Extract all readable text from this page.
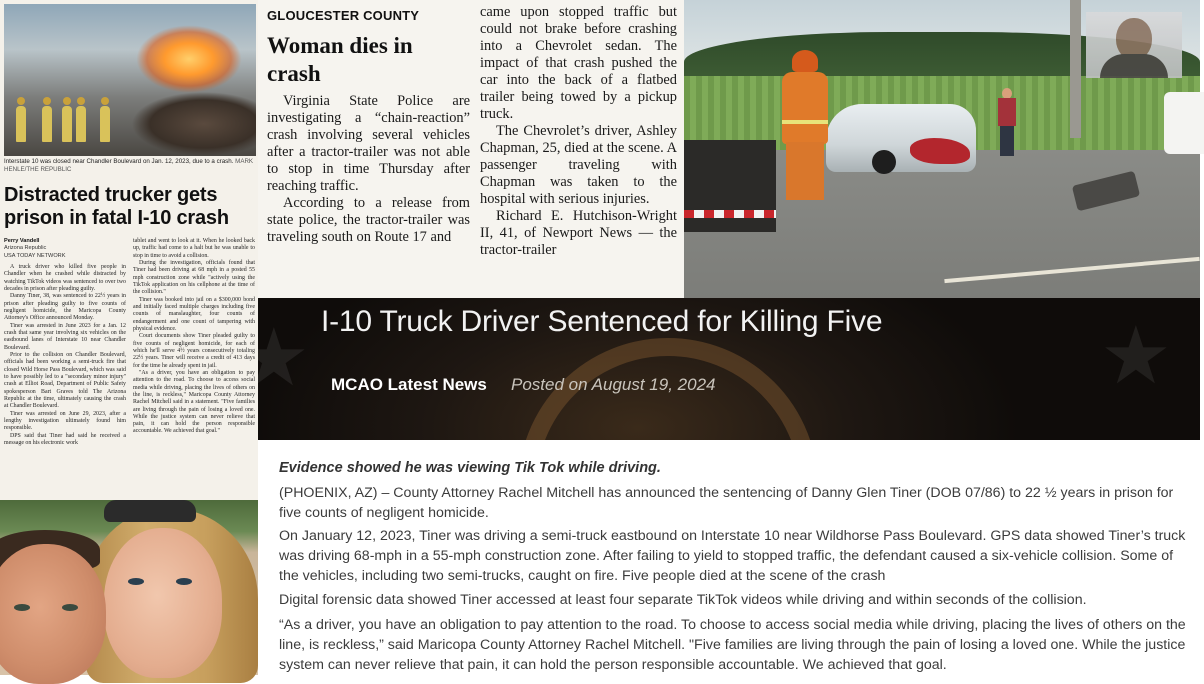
Interstate 10 was closed near Chandler Boulevard on Jan. 12, 2023, due to a crash. MARK HENLE/THE REPUBLIC
Distracted trucker gets prison in fatal I-10 crash
Perry Vandell
Arizona Republic
USA TODAY NETWORK

A truck driver who killed five people in Chandler when he crashed while distracted by watching TikTok videos was sentenced to over two decades in prison after pleading guilty.

Danny Tiner, 38, was sentenced to 22½ years in prison after pleading guilty to five counts of negligent homicide, the Maricopa County Attorney's Office announced Monday.

Tiner was arrested in June 2023 for a Jan. 12 crash that same year involving six vehicles on the eastbound lanes of Interstate 10 near Chandler Boulevard.

Prior to the collision on Chandler Boulevard, officials had been working a semi-truck fire that closed Wild Horse Pass Boulevard, which was said to have possibly led to a "secondary minor injury" crash at Elliot Road, Department of Public Safety spokesperson Bart Graves told The Arizona Republic at the time, ultimately causing the crash at Chandler Boulevard.

Tiner was arrested on June 29, 2023, after a lengthy investigation ultimately found him responsible.

DPS said that Tiner had said he received a message on his electronic work

tablet and went to look at it. When he looked back up, traffic had come to a halt but he was unable to stop in time to avoid a collision.

During the investigation, officials found that Tiner had been driving at 68 mph in a posted 55 mph construction zone while "actively using the TikTok application on his cellphone at the time of the collision."

Tiner was booked into jail on a $300,000 bond and initially faced multiple charges including five counts of manslaughter, four counts of endangerment and one count of tampering with physical evidence.

Court documents show Tiner pleaded guilty to five counts of negligent homicide, for each of which he'll serve 4½ years consecutively totaling 22½ years. Tiner will receive a credit of 413 days for the time he already spent in jail.

"As a driver, you have an obligation to pay attention to the road. To choose to access social media while driving, placing the lives of others on the line, is reckless," Maricopa County Attorney Rachel Mitchell said in a statement. "Five families are living through the pain of losing a loved one. While the justice system can never relieve that pain, it can hold the person responsible accountable. We achieved that goal."

GLOUCESTER COUNTY
Woman dies in crash

Virginia State Police are investigating a “chain-reaction” crash involving several vehicles after a tractor-trailer was not able to stop in time Thursday after reaching traffic.

According to a release from state police, the tractor-trailer was traveling south on Route 17 and

came upon stopped traffic but could not brake before crashing into a Chevrolet sedan. The impact of that crash pushed the car into the back of a flatbed trailer being towed by a pickup truck.

The Chevrolet’s driver, Ashley Chapman, 25, died at the scene. A passenger traveling with Chapman was taken to the hospital with serious injuries.

Richard E. Hutchison-Wright II, 41, of Newport News — the tractor-trailer

★
★ I-10 Truck Driver Sentenced for Killing Five
MCAO Latest News Posted on August 19, 2024
Evidence showed he was viewing Tik Tok while driving.
(PHOENIX, AZ) – County Attorney Rachel Mitchell has announced the sentencing of Danny Glen Tiner (DOB 07/86) to 22 ½ years in prison for five counts of negligent homicide.
On January 12, 2023, Tiner was driving a semi-truck eastbound on Interstate 10 near Wildhorse Pass Boulevard. GPS data showed Tiner’s truck was driving 68-mph in a 55-mph construction zone. After failing to yield to stopped traffic, the defendant caused a six-vehicle collision. Some of the vehicles, including two semi-trucks, caught on fire. Five people died at the scene of the crash
Digital forensic data showed Tiner accessed at least four separate TikTok videos while driving and within seconds of the collision.
“As a driver, you have an obligation to pay attention to the road. To choose to access social media while driving, placing the lives of others on the line, is reckless,” said Maricopa County Attorney Rachel Mitchell. "Five families are living through the pain of losing a loved one. While the justice system can never relieve that pain, it can hold the person responsible accountable. We achieved that goal.
